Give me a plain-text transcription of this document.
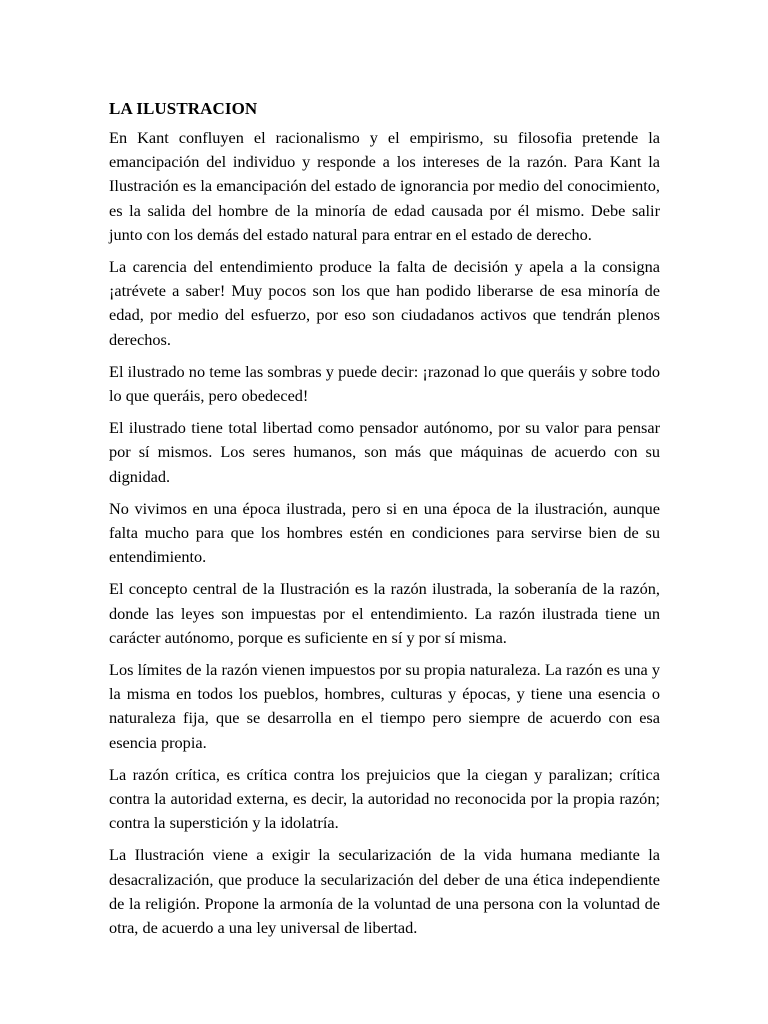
LA ILUSTRACION

En Kant confluyen el racionalismo y el empirismo, su filosofia pretende la emancipación del individuo y responde a los intereses de la razón. Para Kant la Ilustración es la emancipación del estado de ignorancia por medio del conocimiento, es la salida del hombre de la minoría de edad causada por él mismo. Debe salir junto con los demás del estado natural para entrar en el estado de derecho.

La carencia del entendimiento produce la falta de decisión y apela a la consigna ¡atrévete a saber! Muy pocos son los que han podido liberarse de esa minoría de edad, por medio del esfuerzo, por eso son ciudadanos activos que tendrán plenos derechos.

El ilustrado no teme las sombras y puede decir: ¡razonad lo que queráis y sobre todo lo que queráis, pero obedeced!

El ilustrado tiene total libertad como pensador autónomo, por su valor para pensar por sí mismos. Los seres humanos, son más que máquinas de acuerdo con su dignidad.

No vivimos en una época ilustrada, pero si en una época de la ilustración, aunque falta mucho para que los hombres estén en condiciones para servirse bien de su entendimiento.

El concepto central de la Ilustración es la razón ilustrada, la soberanía de la razón, donde las leyes son impuestas por el entendimiento. La razón ilustrada tiene un carácter autónomo, porque es suficiente en sí y por sí misma.

Los límites de la razón vienen impuestos por su propia naturaleza. La razón es una y la misma en todos los pueblos, hombres, culturas y épocas, y tiene una esencia o naturaleza fija, que se desarrolla en el tiempo pero siempre de acuerdo con esa esencia propia.

La razón crítica, es crítica contra los prejuicios que la ciegan y paralizan; crítica contra la autoridad externa, es decir, la autoridad no reconocida por la propia razón; contra la superstición y la idolatría.

La Ilustración viene a exigir la secularización de la vida humana mediante la desacralización, que produce la secularización del deber de una ética independiente de la religión. Propone la armonía de la voluntad de una persona con la voluntad de otra, de acuerdo a una ley universal de libertad.
